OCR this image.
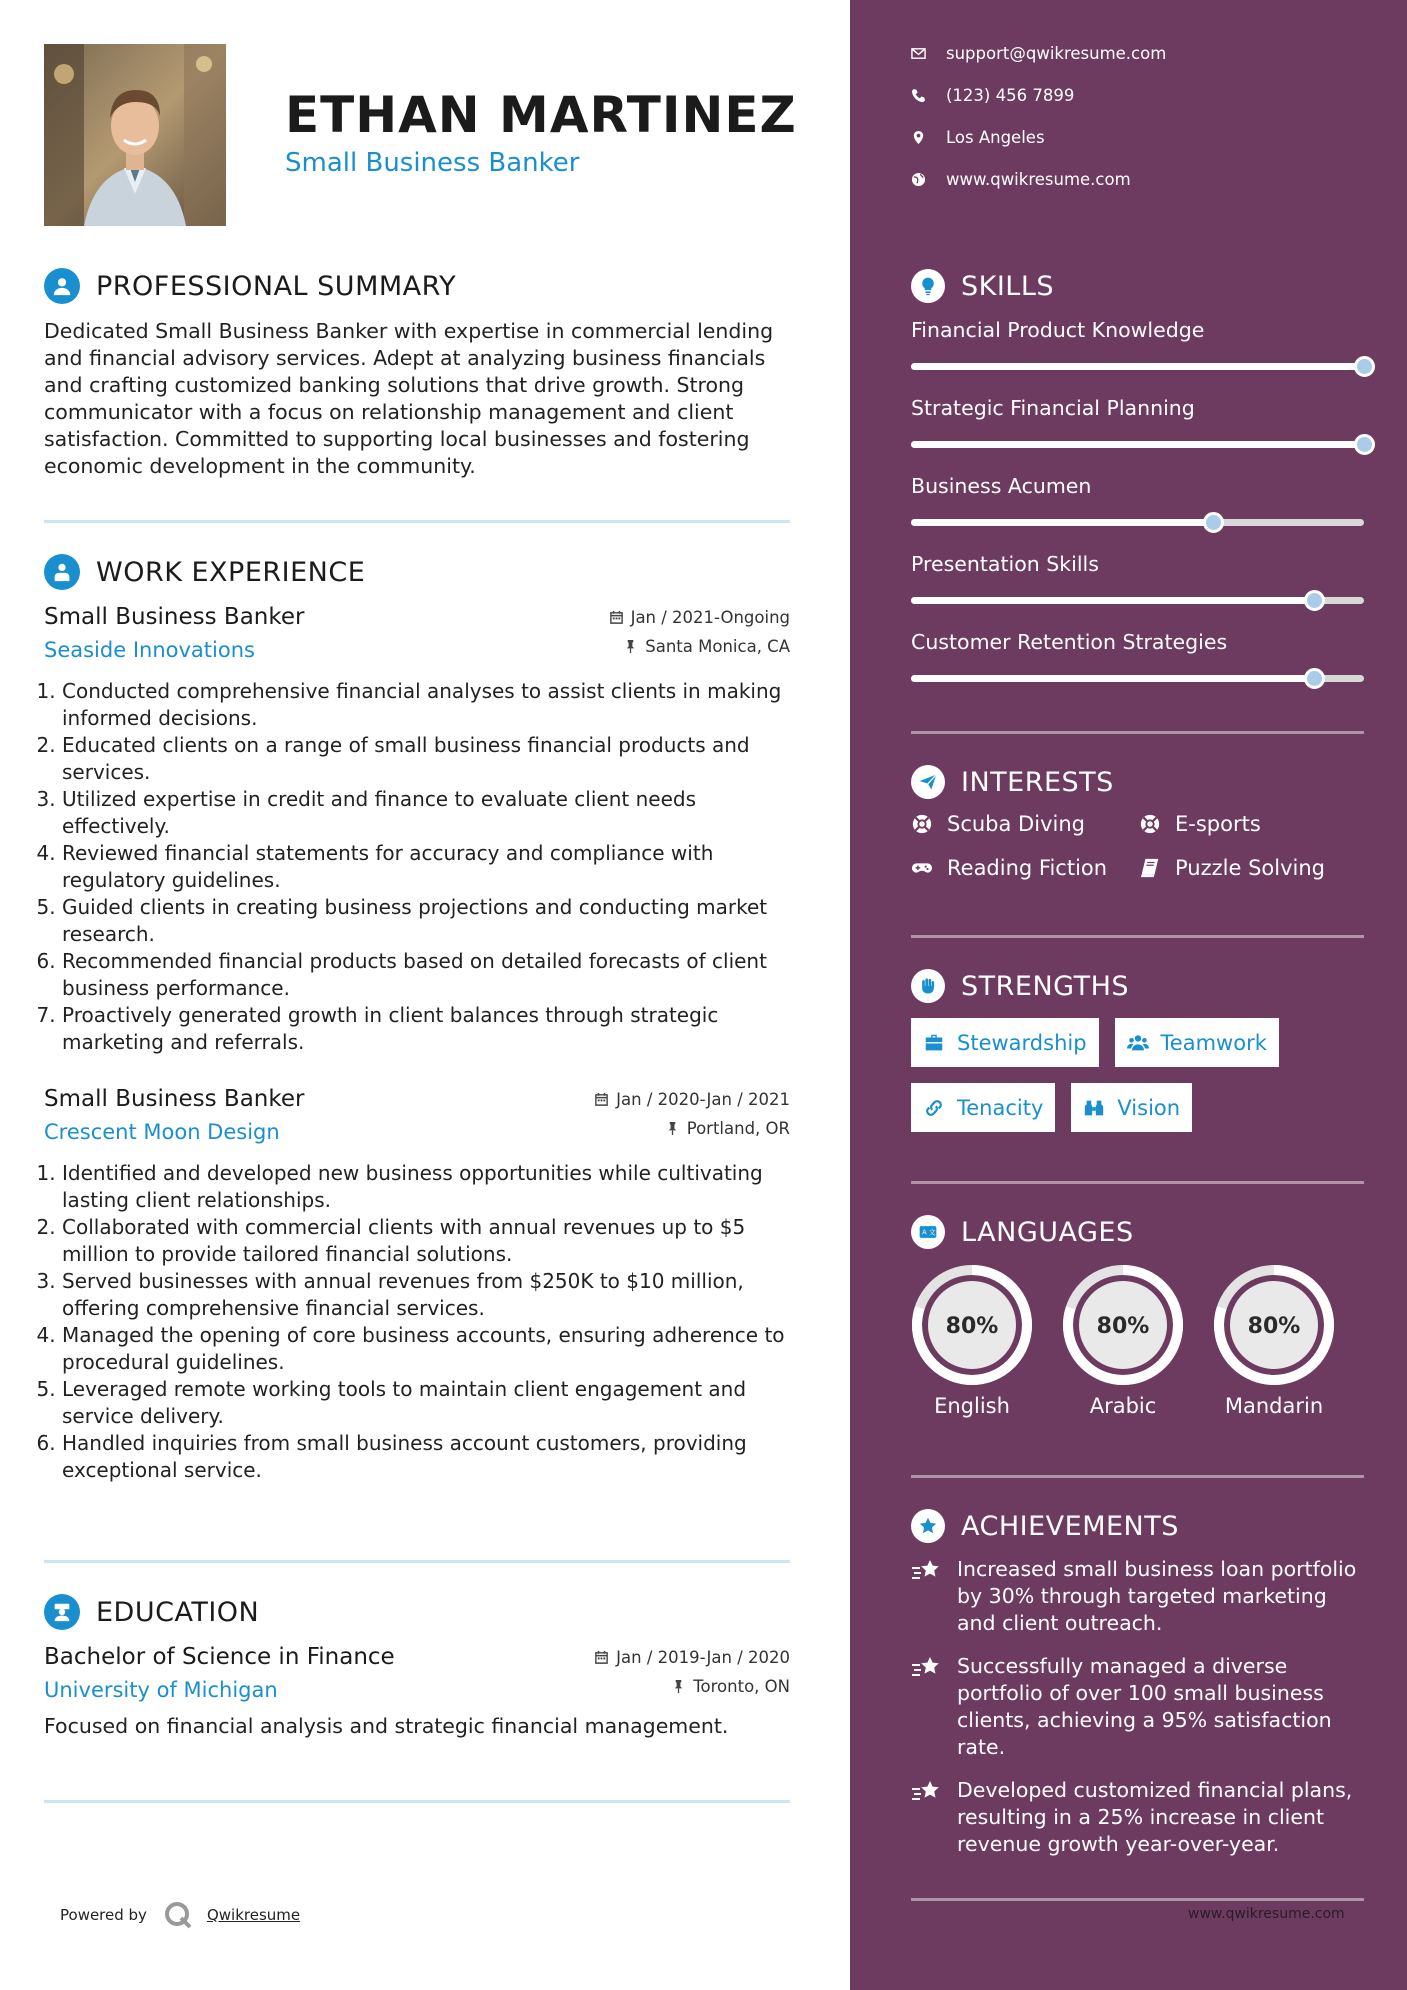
ETHAN MARTINEZ
Small Business Banker
PROFESSIONAL SUMMARY
Dedicated Small Business Banker with expertise in commercial lending and financial advisory services. Adept at analyzing business financials and crafting customized banking solutions that drive growth. Strong communicator with a focus on relationship management and client satisfaction. Committed to supporting local businesses and fostering economic development in the community.
WORK EXPERIENCE
Small Business Banker	Jan / 2021-Ongoing
Seaside Innovations	Santa Monica, CA
1. Conducted comprehensive financial analyses to assist clients in making informed decisions.
2. Educated clients on a range of small business financial products and services.
3. Utilized expertise in credit and finance to evaluate client needs effectively.
4. Reviewed financial statements for accuracy and compliance with regulatory guidelines.
5. Guided clients in creating business projections and conducting market research.
6. Recommended financial products based on detailed forecasts of client business performance.
7. Proactively generated growth in client balances through strategic marketing and referrals.
Small Business Banker	Jan / 2020-Jan / 2021
Crescent Moon Design	Portland, OR
1. Identified and developed new business opportunities while cultivating lasting client relationships.
2. Collaborated with commercial clients with annual revenues up to $5 million to provide tailored financial solutions.
3. Served businesses with annual revenues from $250K to $10 million, offering comprehensive financial services.
4. Managed the opening of core business accounts, ensuring adherence to procedural guidelines.
5. Leveraged remote working tools to maintain client engagement and service delivery.
6. Handled inquiries from small business account customers, providing exceptional service.
EDUCATION
Bachelor of Science in Finance	Jan / 2019-Jan / 2020
University of Michigan	Toronto, ON
Focused on financial analysis and strategic financial management.
Powered by	Qwikresume
support@qwikresume.com
(123) 456 7899
Los Angeles
www.qwikresume.com
SKILLS
Financial Product Knowledge
Strategic Financial Planning
Business Acumen
Presentation Skills
Customer Retention Strategies
INTERESTS
Scuba Diving	E-sports
Reading Fiction	Puzzle Solving
STRENGTHS
Stewardship	Teamwork
Tenacity	Vision
A 文 LANGUAGES
80%
English
80%
Arabic
80%
Mandarin
ACHIEVEMENTS
Increased small business loan portfolio by 30% through targeted marketing and client outreach.
Successfully managed a diverse portfolio of over 100 small business clients, achieving a 95% satisfaction rate.
Developed customized financial plans, resulting in a 25% increase in client revenue growth year-over-year.
www.qwikresume.com
